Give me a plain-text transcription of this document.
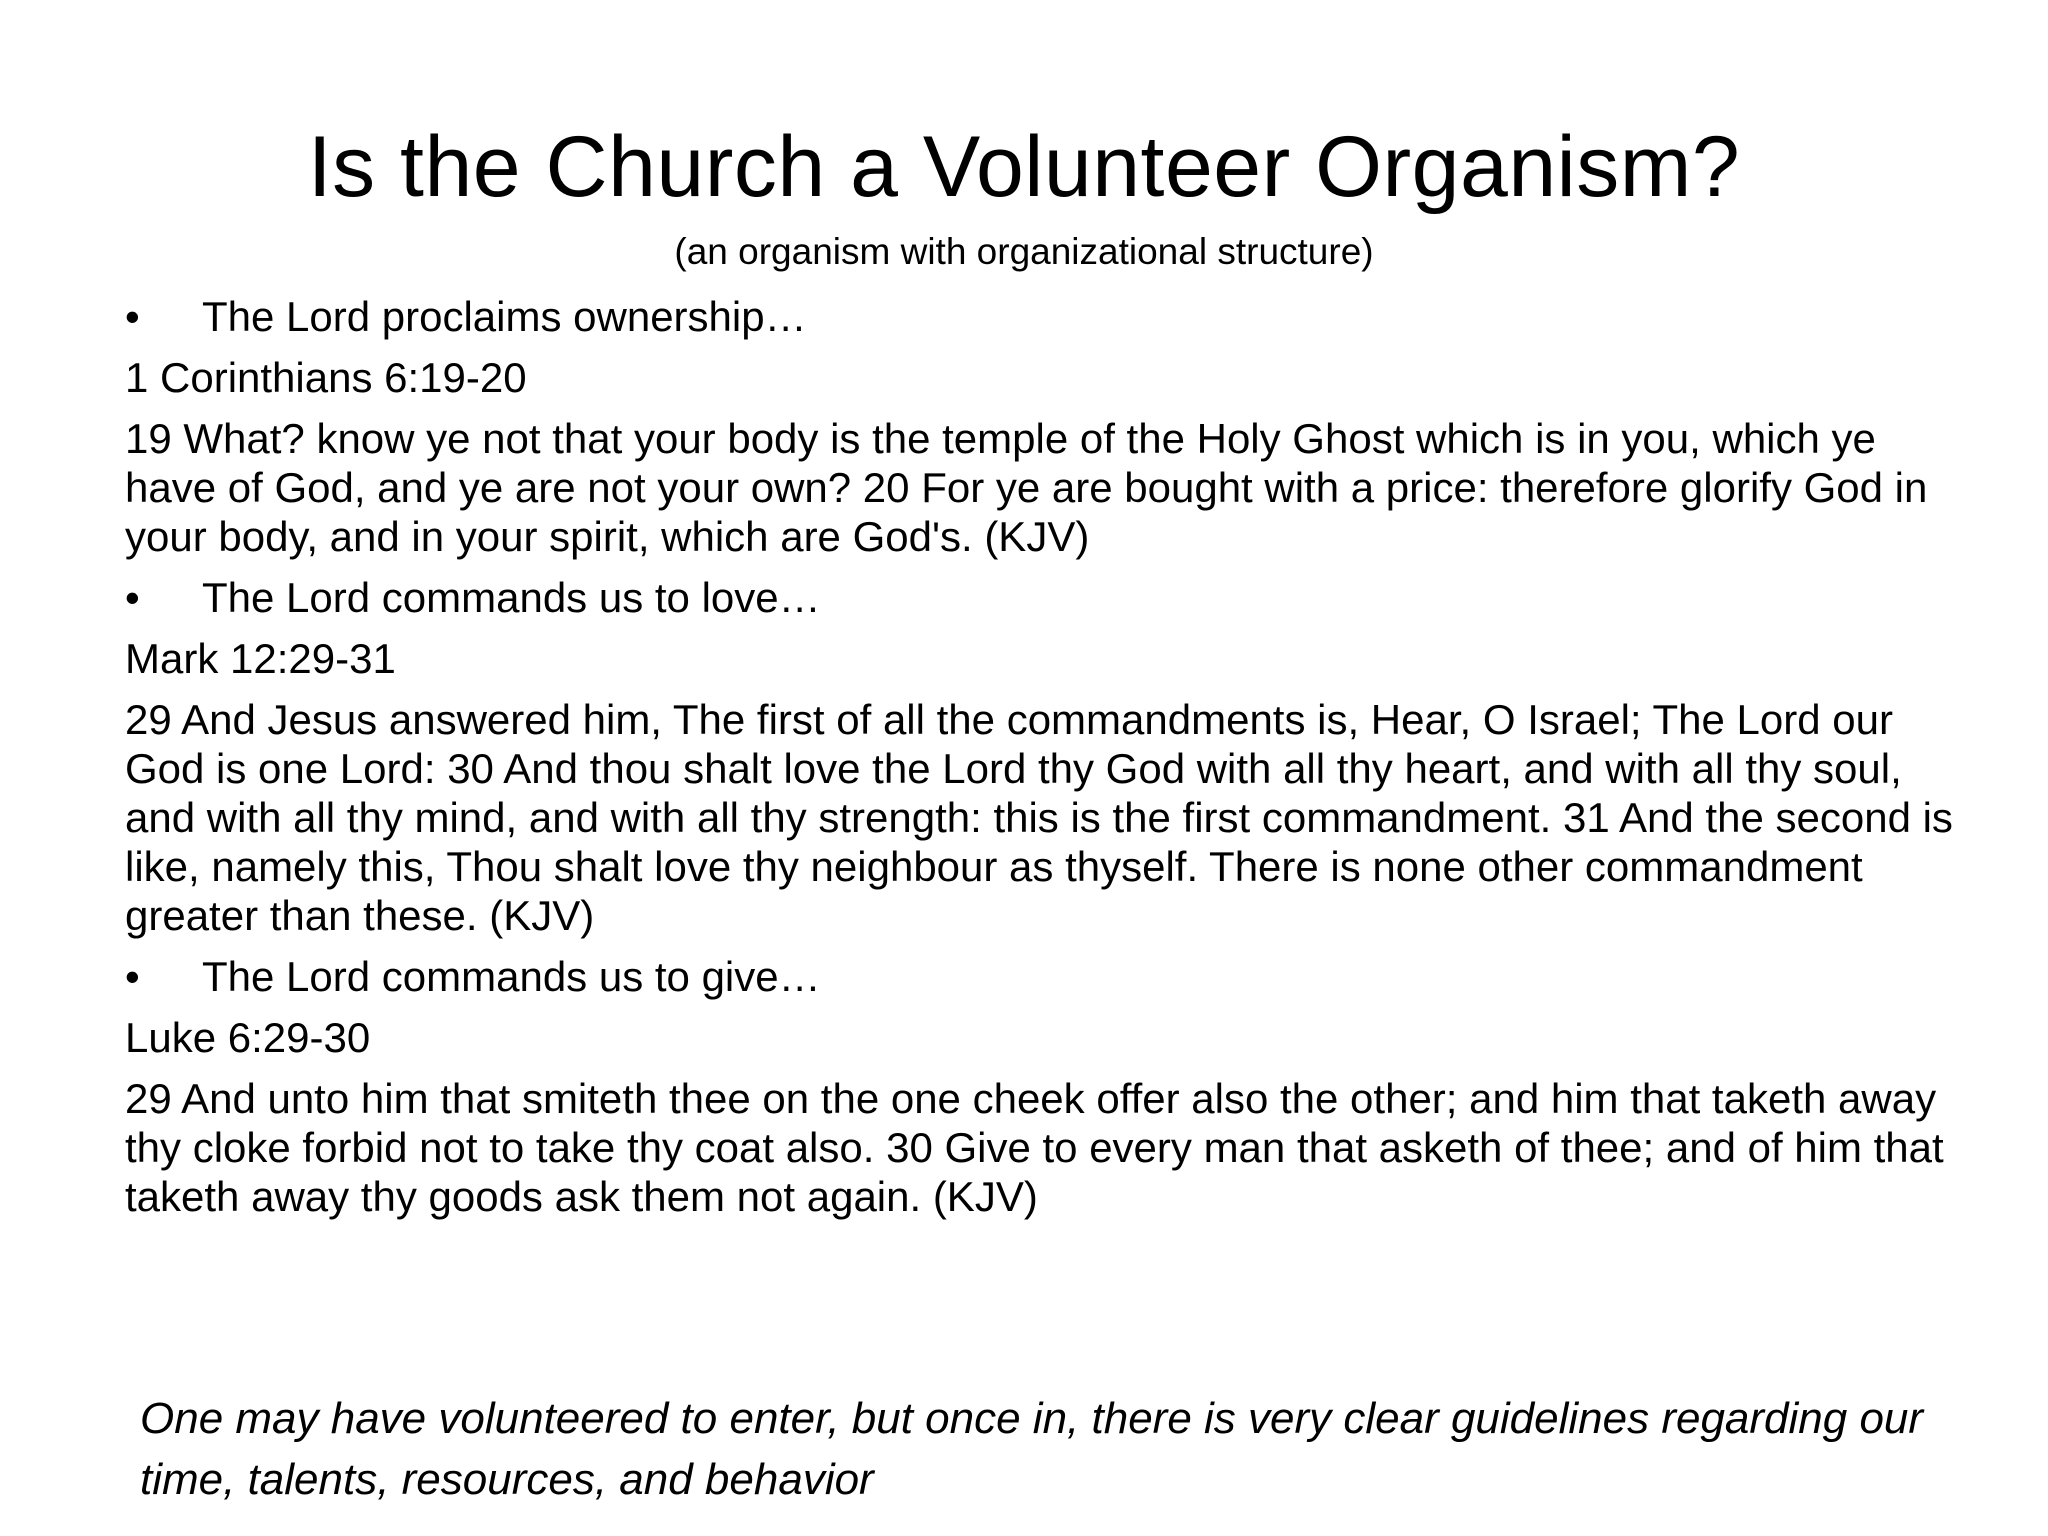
Is the Church a Volunteer Organism?
(an organism with organizational structure)
• The Lord proclaims ownership…
1 Corinthians 6:19-20
19 What? know ye not that your body is the temple of the Holy Ghost which is in you, which ye have of God, and ye are not your own? 20 For ye are bought with a price: therefore glorify God in your body, and in your spirit, which are God's. (KJV)
• The Lord commands us to love…
Mark 12:29-31
29 And Jesus answered him, The first of all the commandments is, Hear, O Israel; The Lord our God is one Lord: 30 And thou shalt love the Lord thy God with all thy heart, and with all thy soul, and with all thy mind, and with all thy strength: this is the first commandment. 31 And the second is like, namely this, Thou shalt love thy neighbour as thyself. There is none other commandment greater than these. (KJV)
• The Lord commands us to give…
Luke 6:29-30
29 And unto him that smiteth thee on the one cheek offer also the other; and him that taketh away thy cloke forbid not to take thy coat also. 30 Give to every man that asketh of thee; and of him that taketh away thy goods ask them not again. (KJV)
One may have volunteered to enter, but once in, there is very clear guidelines regarding our time, talents, resources, and behavior
